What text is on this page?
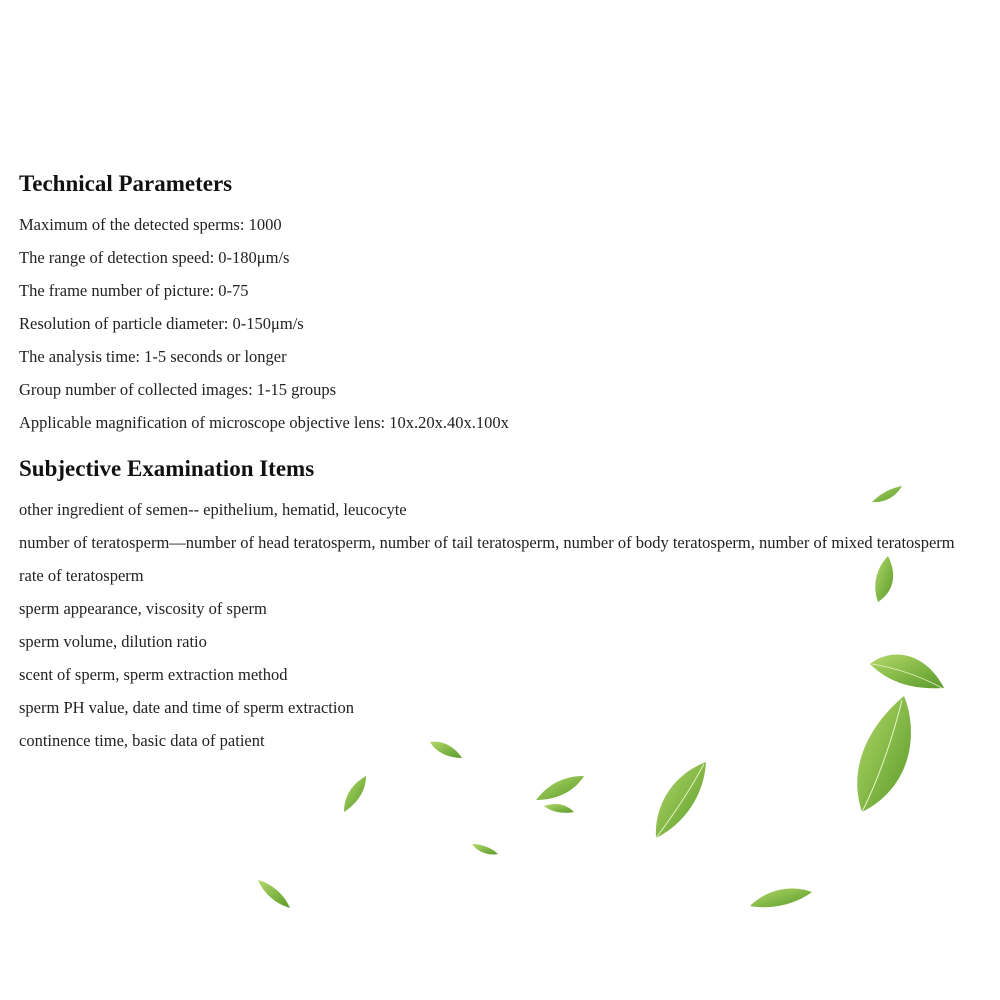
Technical Parameters
Maximum of the detected sperms: 1000
The range of detection speed: 0-180μm/s
The frame number of picture: 0-75
Resolution of particle diameter: 0-150μm/s
The analysis time: 1-5 seconds or longer
Group number of collected images: 1-15 groups
Applicable magnification of microscope objective lens: 10x.20x.40x.100x
Subjective Examination Items
other ingredient of semen-- epithelium, hematid, leucocyte
number of teratosperm—number of head teratosperm, number of tail teratosperm, number of body teratosperm, number of mixed teratosperm
rate of teratosperm
sperm appearance, viscosity of sperm
sperm volume, dilution ratio
scent of sperm, sperm extraction method
sperm PH value, date and time of sperm extraction
continence time, basic data of patient
